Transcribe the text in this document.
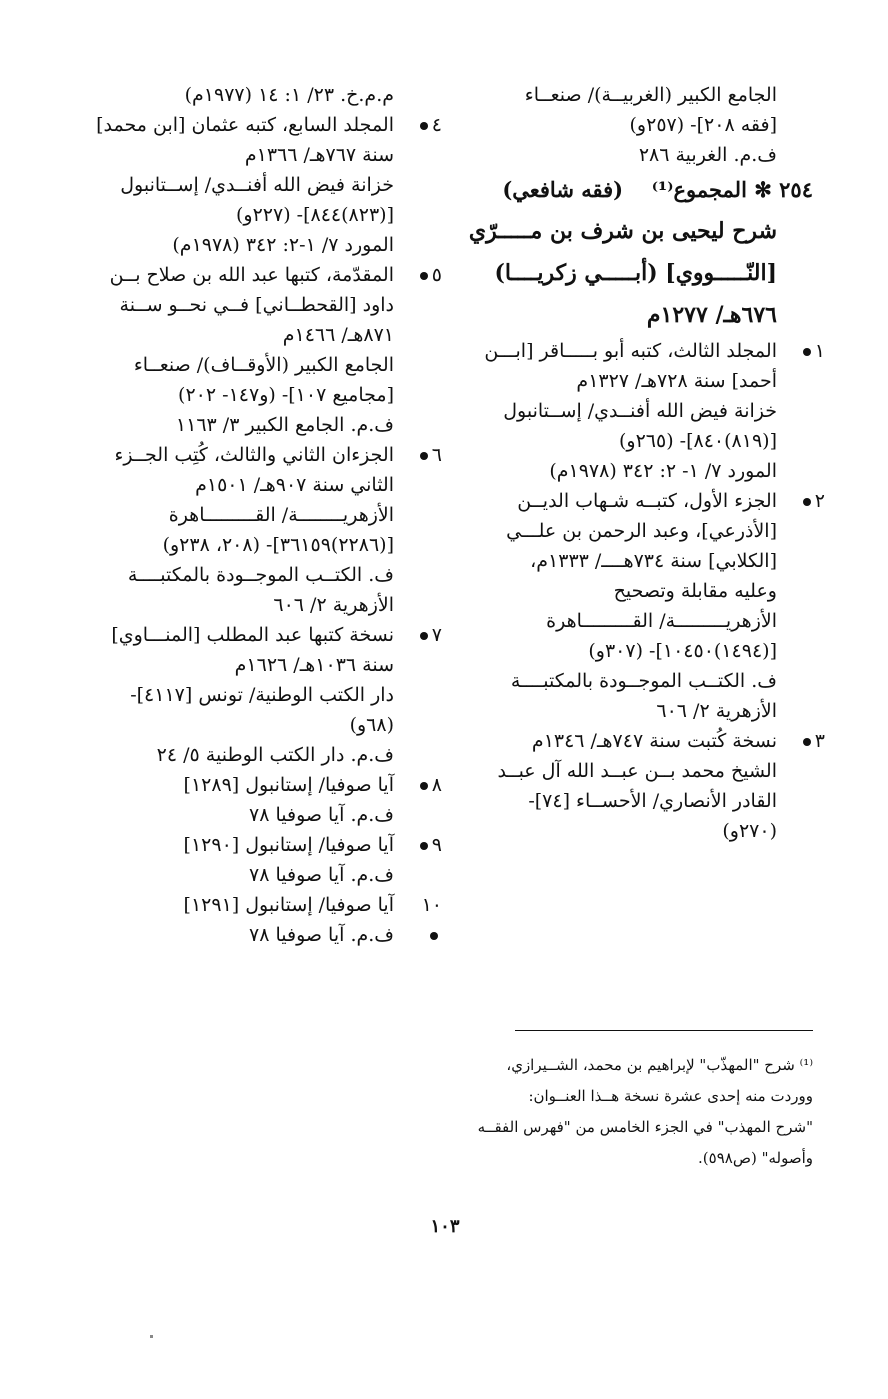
الجامع الكبير (الغربيــة)/ صنعــاء
[فقه ٢٠٨]- (٢٥٧و)
ف.م. الغربية ٢٨٦
٢٥٤ ✻ المجموع⁽¹⁾  (فقه شافعي)
شرح ليحيى بن شرف بن مـــــرّي
[النّـــــووي] (أبـــــي زكريــــا)
٦٧٦هـ/ ١٢٧٧م
١
المجلد الثالث، كتبه أبو بـــــاقر [ابـــن
أحمد] سنة ٧٢٨هـ/ ١٣٢٧م
خزانة فيض الله أفنــدي/ إســتانبول
[(٨١٩)٨٤٠]- (٢٦٥و)
المورد ٧/ ١- ٢: ٣٤٢ (١٩٧٨م)
٢
الجزء الأول، كتبــه شـهاب الديــن
[الأذرعي]، وعبد الرحمن بن علـــي
[الكلابي] سنة ٧٣٤هــــ/ ١٣٣٣م،
وعليه مقابلة وتصحيح
الأزهريـــــــــة/ القـــــــــاهرة
[(١٤٩٤)١٠٤٥٠]- (٣٠٧و)
ف. الكتــب الموجــودة بالمكتبــــة
الأزهرية ٢/ ٦٠٦
٣
نسخة كُتبت سنة ٧٤٧هـ/ ١٣٤٦م
الشيخ محمد بــن عبــد الله آل عبــد
القادر الأنصاري/ الأحســاء [٧٤]-
(٢٧٠و)
م.م.خ. ٢٣/ ١: ١٤ (١٩٧٧م)
٤
المجلد السابع، كتبه عثمان [ابن محمد]
سنة ٧٦٧هـ/ ١٣٦٦م
خزانة فيض الله أفنــدي/ إســتانبول
[(٨٢٣)٨٤٤]- (٢٢٧و)
المورد ٧/ ١-٢: ٣٤٢ (١٩٧٨م)
٥
المقدّمة، كتبها عبد الله بن صلاح بــن
داود [القحطــاني] فــي نحــو ســنة
٨٧١هـ/ ١٤٦٦م
الجامع الكبير (الأوقــاف)/ صنعــاء
[مجاميع ١٠٧]- (و١٤٧- ٢٠٢)
ف.م. الجامع الكبير ٣/ ١١٦٣
٦
الجزءان الثاني والثالث، كُتِب الجــزء
الثاني سنة ٩٠٧هـ/ ١٥٠١م
الأزهريــــــــة/ القـــــــــاهرة
[(٢٢٨٦)٣٦١٥٩]- (٢٠٨، ٢٣٨و)
ف. الكتــب الموجــودة بالمكتبــــة
الأزهرية ٢/ ٦٠٦
٧
نسخة كتبها عبد المطلب [المنـــاوي]
سنة ١٠٣٦هـ/ ١٦٢٦م
دار الكتب الوطنية/ تونس [٤١١٧]-
(٦٨و)
ف.م. دار الكتب الوطنية ٥/ ٢٤
٨
آيا صوفيا/ إستانبول [١٢٨٩]
ف.م. آيا صوفيا ٧٨
٩
آيا صوفيا/ إستانبول [١٢٩٠]
ف.م. آيا صوفيا ٧٨
١٠
آيا صوفيا/ إستانبول [١٢٩١]
ف.م. آيا صوفيا ٧٨
⁽¹⁾ شرح "المهذّب" لإبراهيم بن محمد، الشــيرازي،
ووردت منه إحدى عشرة نسخة هــذا العنــوان:
"شرح المهذب" في الجزء الخامس من "فهرس الفقــه
وأصوله" (ص٥٩٨).
١٠٣
